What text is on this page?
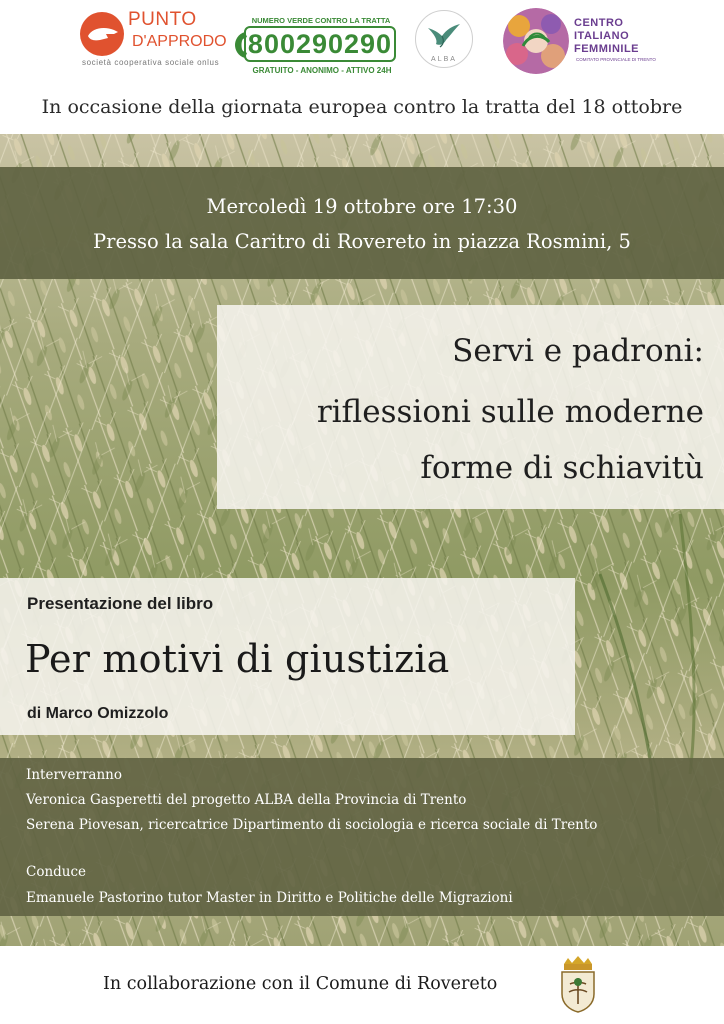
PUNTO
D'APPRODO
società cooperativa sociale onlus
NUMERO VERDE CONTRO LA TRATTA
800290290
GRATUITO - ANONIMO - ATTIVO 24H
ALBA
CENTRO
ITALIANO
FEMMINILE
COMITATO PROVINCIALE DI TRENTO
In occasione della giornata europea contro la tratta del 18 ottobre
Mercoledì 19 ottobre ore 17:30
Presso la sala Caritro di Rovereto in piazza Rosmini, 5
Servi e padroni:
riflessioni sulle moderne
forme di schiavitù
Presentazione del libro
Per motivi di giustizia
di Marco Omizzolo
Interverranno
Veronica Gasperetti del progetto ALBA della Provincia di Trento
Serena Piovesan, ricercatrice Dipartimento di sociologia e ricerca sociale di Trento
Conduce
Emanuele Pastorino tutor Master in Diritto e Politiche delle Migrazioni
In collaborazione con il Comune di Rovereto
